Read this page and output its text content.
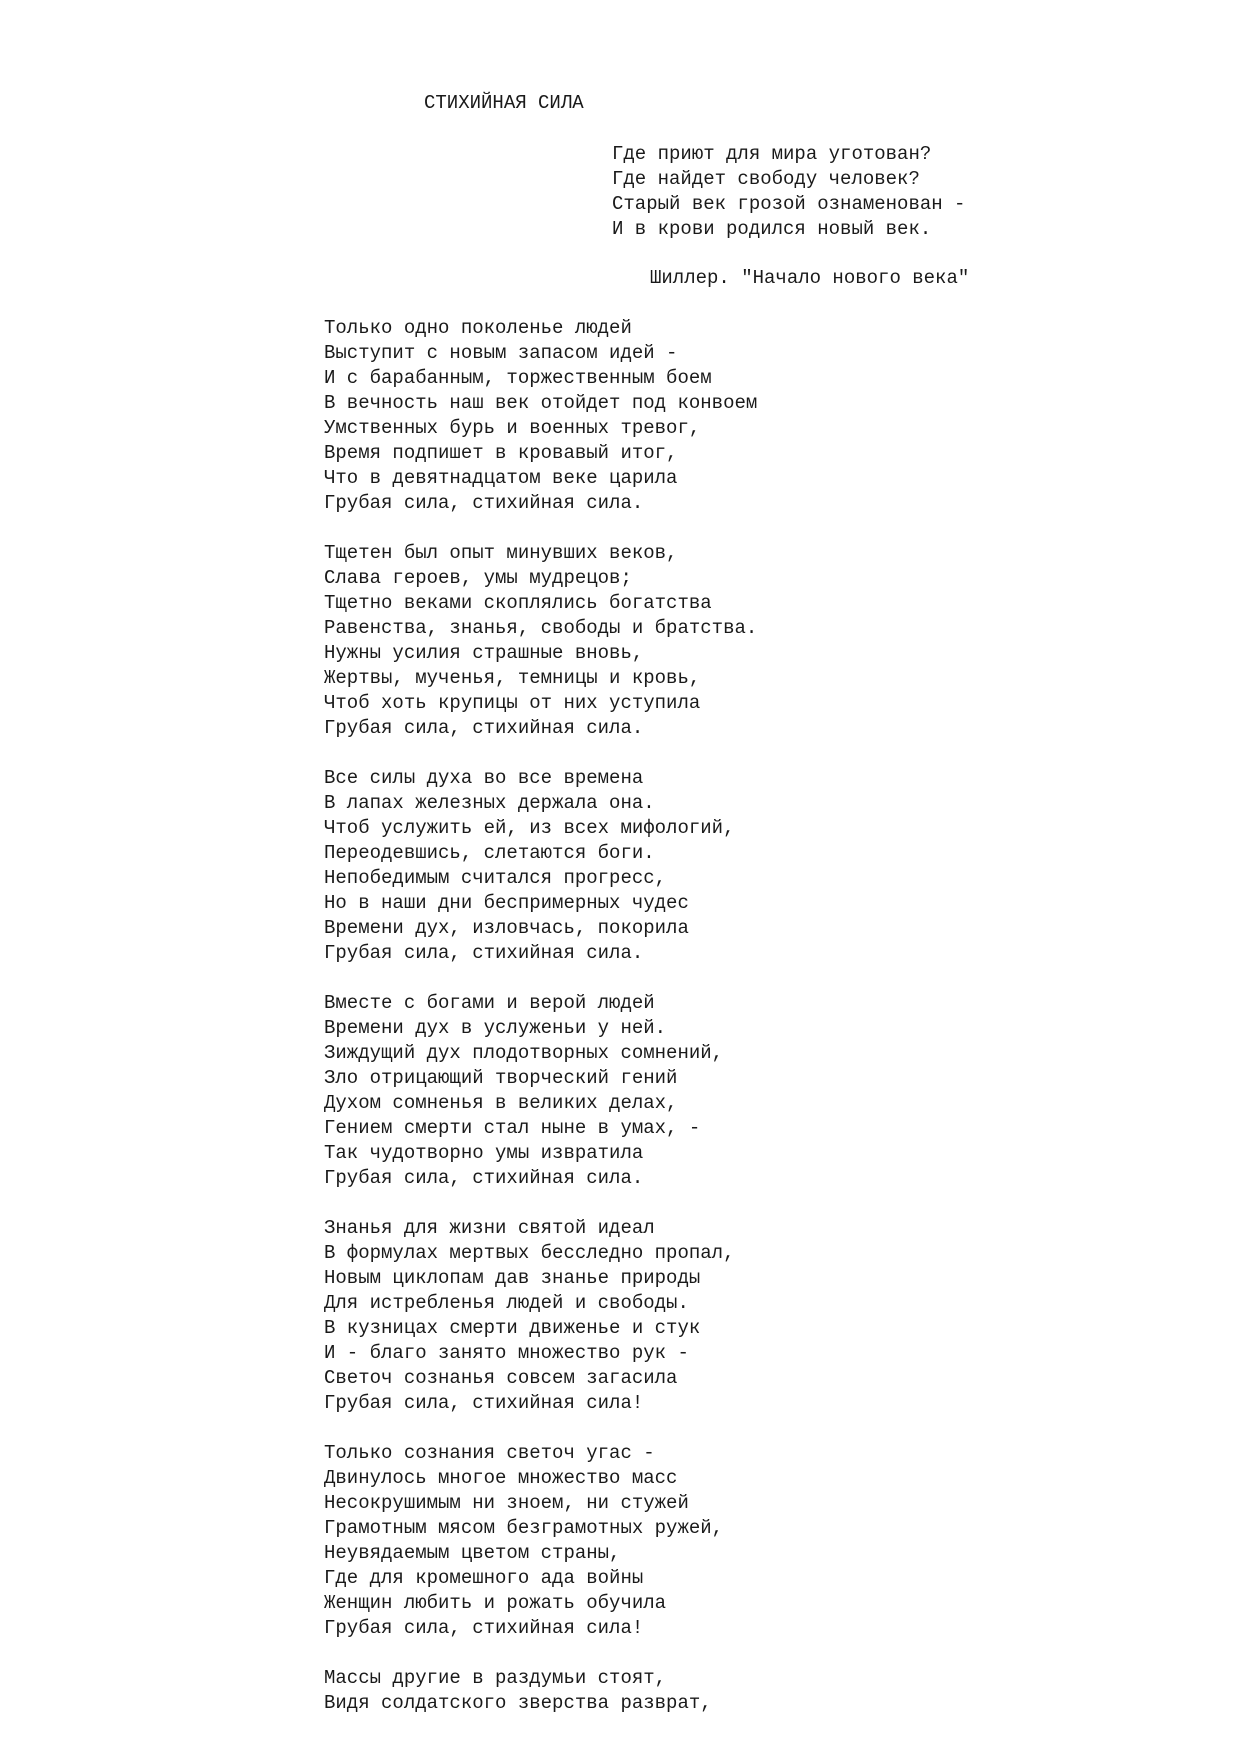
СТИХИЙНАЯ СИЛА
Где приют для мира уготован?
Где найдет свободу человек?
Старый век грозой ознаменован -
И в крови родился новый век.
Шиллер. "Начало нового века"
Только одно поколенье людей
Выступит с новым запасом идей -
И с барабанным, торжественным боем
В вечность наш век отойдет под конвоем
Умственных бурь и военных тревог,
Время подпишет в кровавый итог,
Что в девятнадцатом веке царила
Грубая сила, стихийная сила.
Тщетен был опыт минувших веков,
Слава героев, умы мудрецов;
Тщетно веками скоплялись богатства
Равенства, знанья, свободы и братства.
Нужны усилия страшные вновь,
Жертвы, мученья, темницы и кровь,
Чтоб хоть крупицы от них уступила
Грубая сила, стихийная сила.
Все силы духа во все времена
В лапах железных держала она.
Чтоб услужить ей, из всех мифологий,
Переодевшись, слетаются боги.
Непобедимым считался прогресс,
Но в наши дни беспримерных чудес
Времени дух, изловчась, покорила
Грубая сила, стихийная сила.
Вместе с богами и верой людей
Времени дух в услуженьи у ней.
Зиждущий дух плодотворных сомнений,
Зло отрицающий творческий гений
Духом сомненья в великих делах,
Гением смерти стал ныне в умах, -
Так чудотворно умы извратила
Грубая сила, стихийная сила.
Знанья для жизни святой идеал
В формулах мертвых бесследно пропал,
Новым циклопам дав знанье природы
Для истребленья людей и свободы.
В кузницах смерти движенье и стук
И - благо занято множество рук -
Светоч сознанья совсем загасила
Грубая сила, стихийная сила!
Только сознания светоч угас -
Двинулось многое множество масс
Несокрушимым ни зноем, ни стужей
Грамотным мясом безграмотных ружей,
Неувядаемым цветом страны,
Где для кромешного ада войны
Женщин любить и рожать обучила
Грубая сила, стихийная сила!
Массы другие в раздумьи стоят,
Видя солдатского зверства разврат,
